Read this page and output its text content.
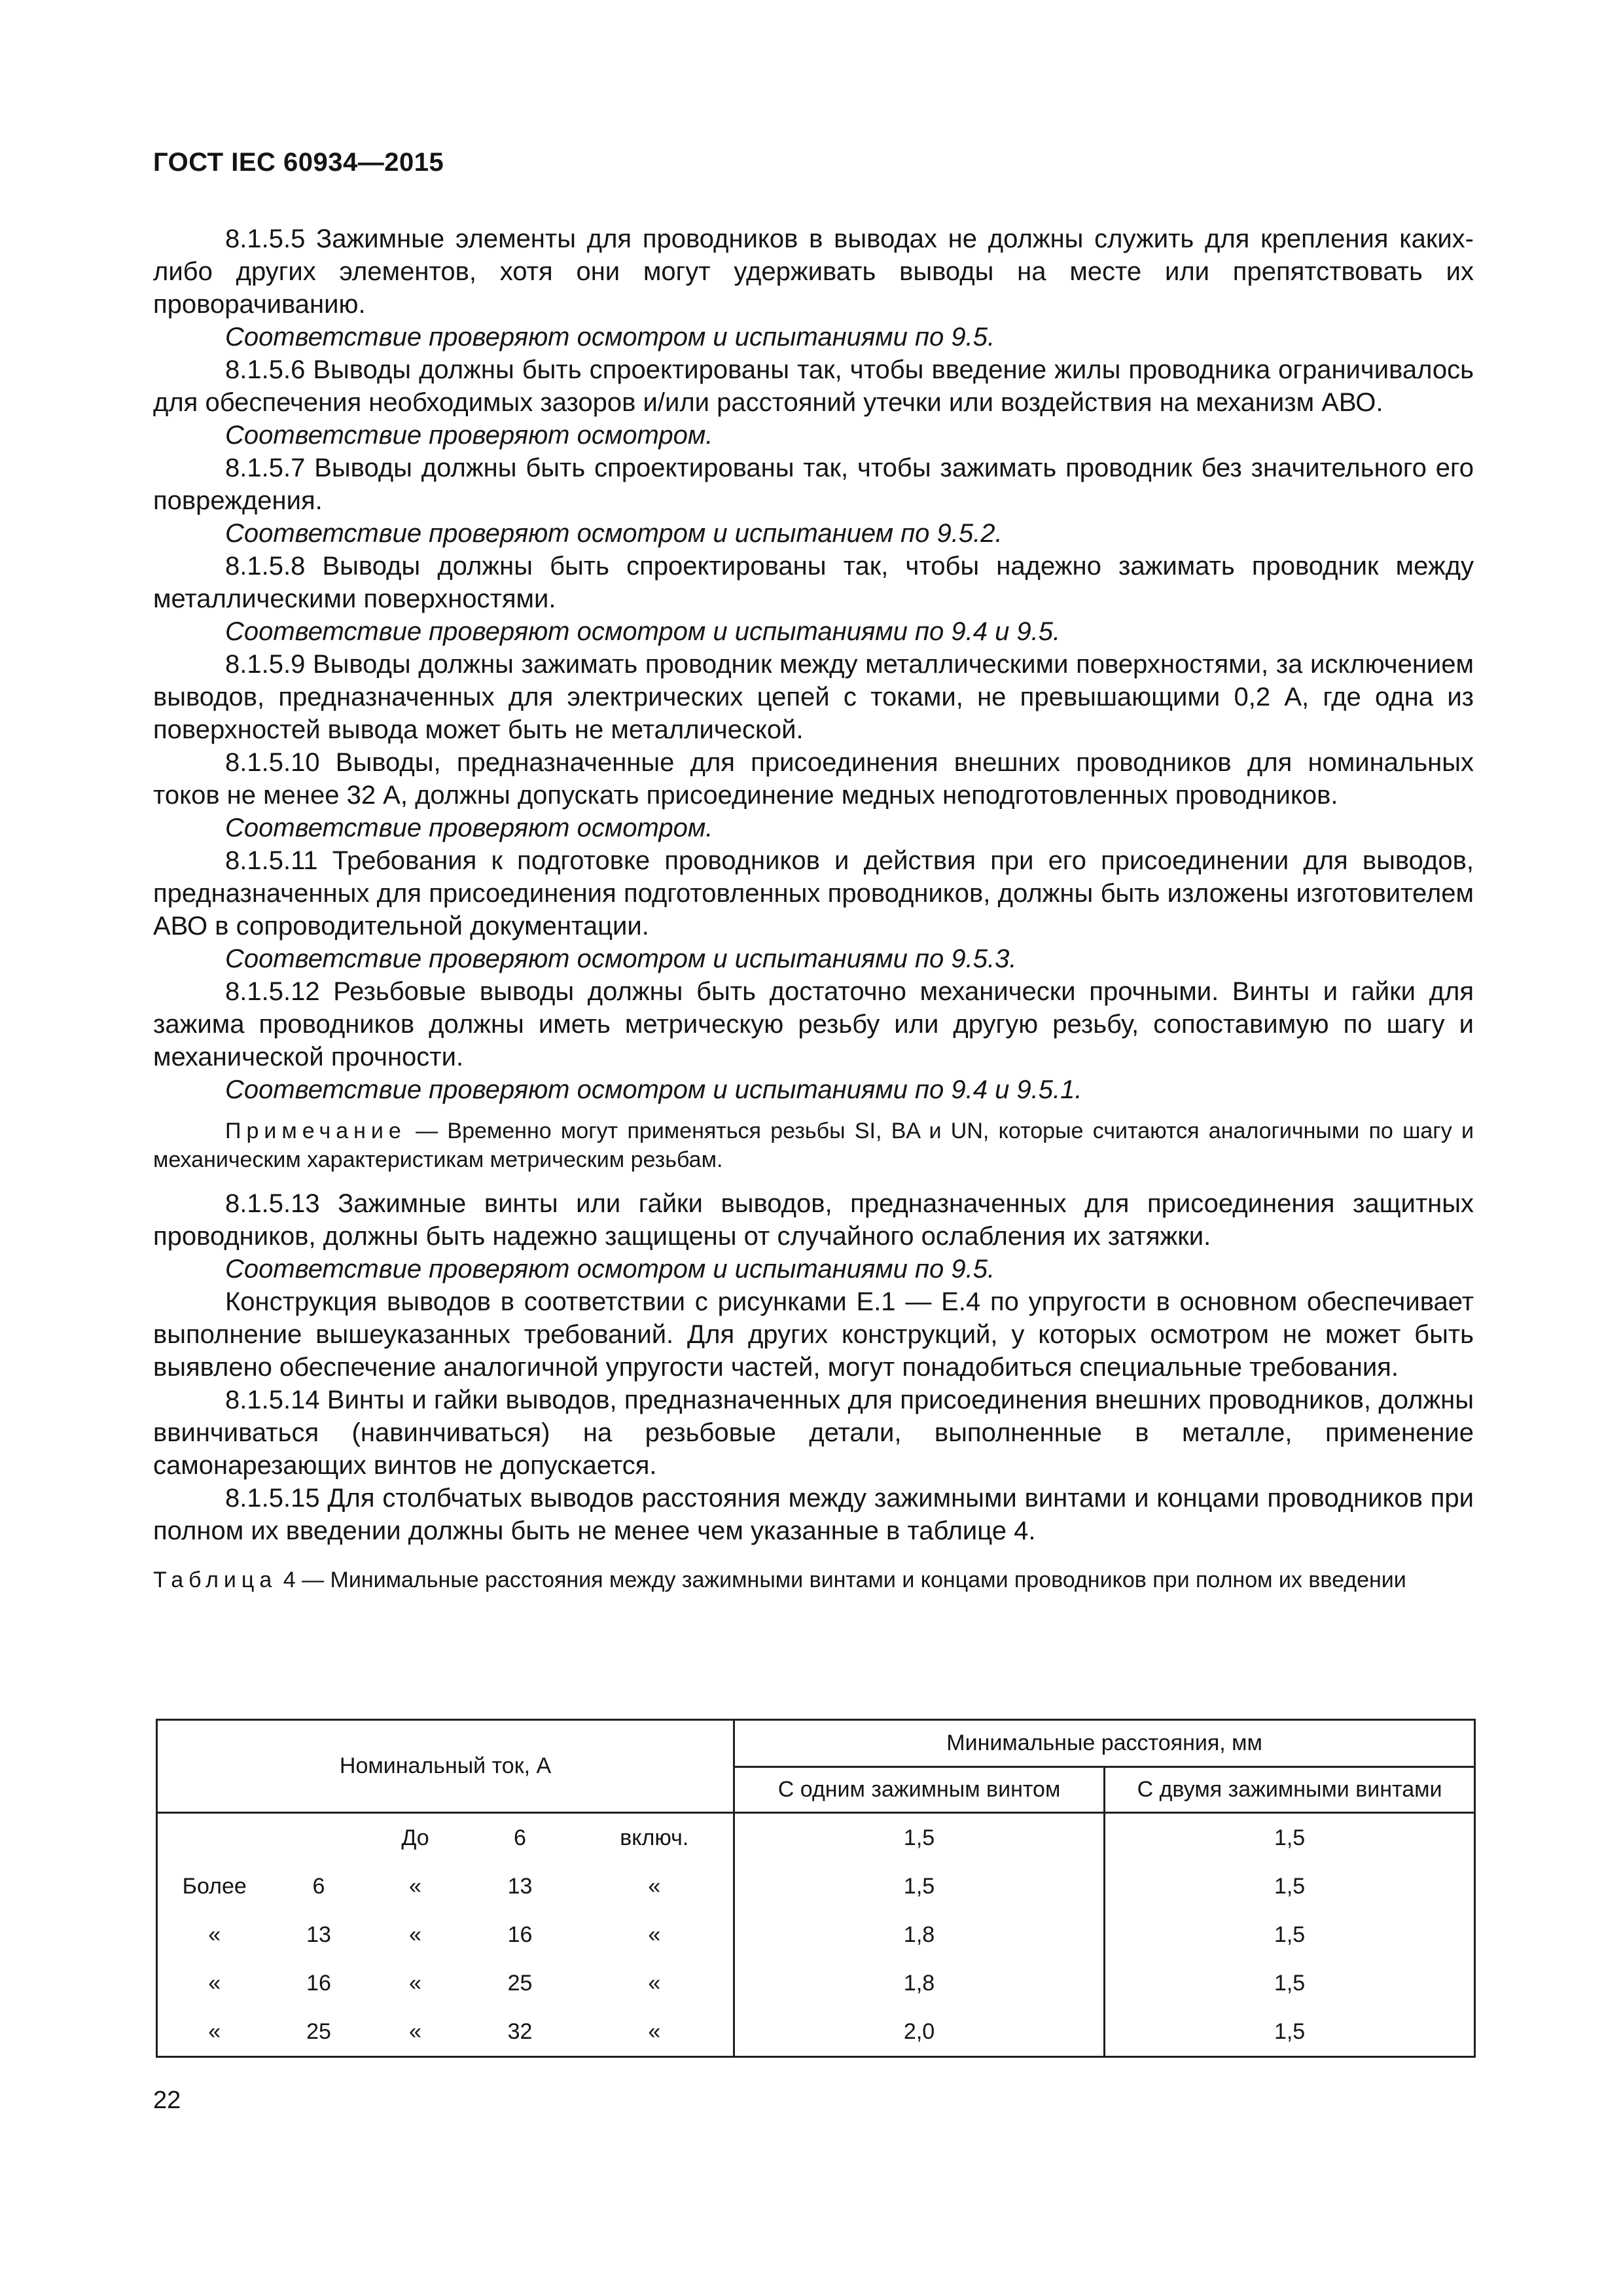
ГОСТ IEC 60934—2015

8.1.5.5 Зажимные элементы для проводников в выводах не должны служить для крепления каких-либо других элементов, хотя они могут удерживать выводы на месте или препятствовать их проворачиванию.

Соответствие проверяют осмотром и испытаниями по 9.5.

8.1.5.6 Выводы должны быть спроектированы так, чтобы введение жилы проводника ограничивалось для обеспечения необходимых зазоров и/или расстояний утечки или воздействия на механизм АВО.

Соответствие проверяют осмотром.

8.1.5.7 Выводы должны быть спроектированы так, чтобы зажимать проводник без значительного его повреждения.

Соответствие проверяют осмотром и испытанием по 9.5.2.

8.1.5.8 Выводы должны быть спроектированы так, чтобы надежно зажимать проводник между металлическими поверхностями.

Соответствие проверяют осмотром и испытаниями по 9.4 и 9.5.

8.1.5.9 Выводы должны зажимать проводник между металлическими поверхностями, за исключением выводов, предназначенных для электрических цепей с токами, не превышающими 0,2 А, где одна из поверхностей вывода может быть не металлической.

8.1.5.10 Выводы, предназначенные для присоединения внешних проводников для номинальных токов не менее 32 А, должны допускать присоединение медных неподготовленных проводников.

Соответствие проверяют осмотром.

8.1.5.11 Требования к подготовке проводников и действия при его присоединении для выводов, предназначенных для присоединения подготовленных проводников, должны быть изложены изготовителем АВО в сопроводительной документации.

Соответствие проверяют осмотром и испытаниями по 9.5.3.

8.1.5.12 Резьбовые выводы должны быть достаточно механически прочными. Винты и гайки для зажима проводников должны иметь метрическую резьбу или другую резьбу, сопоставимую по шагу и механической прочности.

Соответствие проверяют осмотром и испытаниями по 9.4 и 9.5.1.

Примечание — Временно могут применяться резьбы SI, BA и UN, которые считаются аналогичными по шагу и механическим характеристикам метрическим резьбам.

8.1.5.13 Зажимные винты или гайки выводов, предназначенных для присоединения защитных проводников, должны быть надежно защищены от случайного ослабления их затяжки.

Соответствие проверяют осмотром и испытаниями по 9.5.

Конструкция выводов в соответствии с рисунками Е.1 — Е.4 по упругости в основном обеспечивает выполнение вышеуказанных требований. Для других конструкций, у которых осмотром не может быть выявлено обеспечение аналогичной упругости частей, могут понадобиться специальные требования.

8.1.5.14 Винты и гайки выводов, предназначенных для присоединения внешних проводников, должны ввинчиваться (навинчиваться) на резьбовые детали, выполненные в металле, применение самонарезающих винтов не допускается.

8.1.5.15 Для столбчатых выводов расстояния между зажимными винтами и концами проводников при полном их введении должны быть не менее чем указанные в таблице 4.

Таблица 4 — Минимальные расстояния между зажимными винтами и концами проводников при полном их введении

Номинальный ток, А					Минимальные расстояния, мм	
					С одним зажимным винтом	С двумя зажимными винтами
		До	6	включ.	1,5	1,5
Более	6	«	13	«	1,5	1,5
«	13	«	16	«	1,8	1,5
«	16	«	25	«	1,8	1,5
«	25	«	32	«	2,0	1,5
22
